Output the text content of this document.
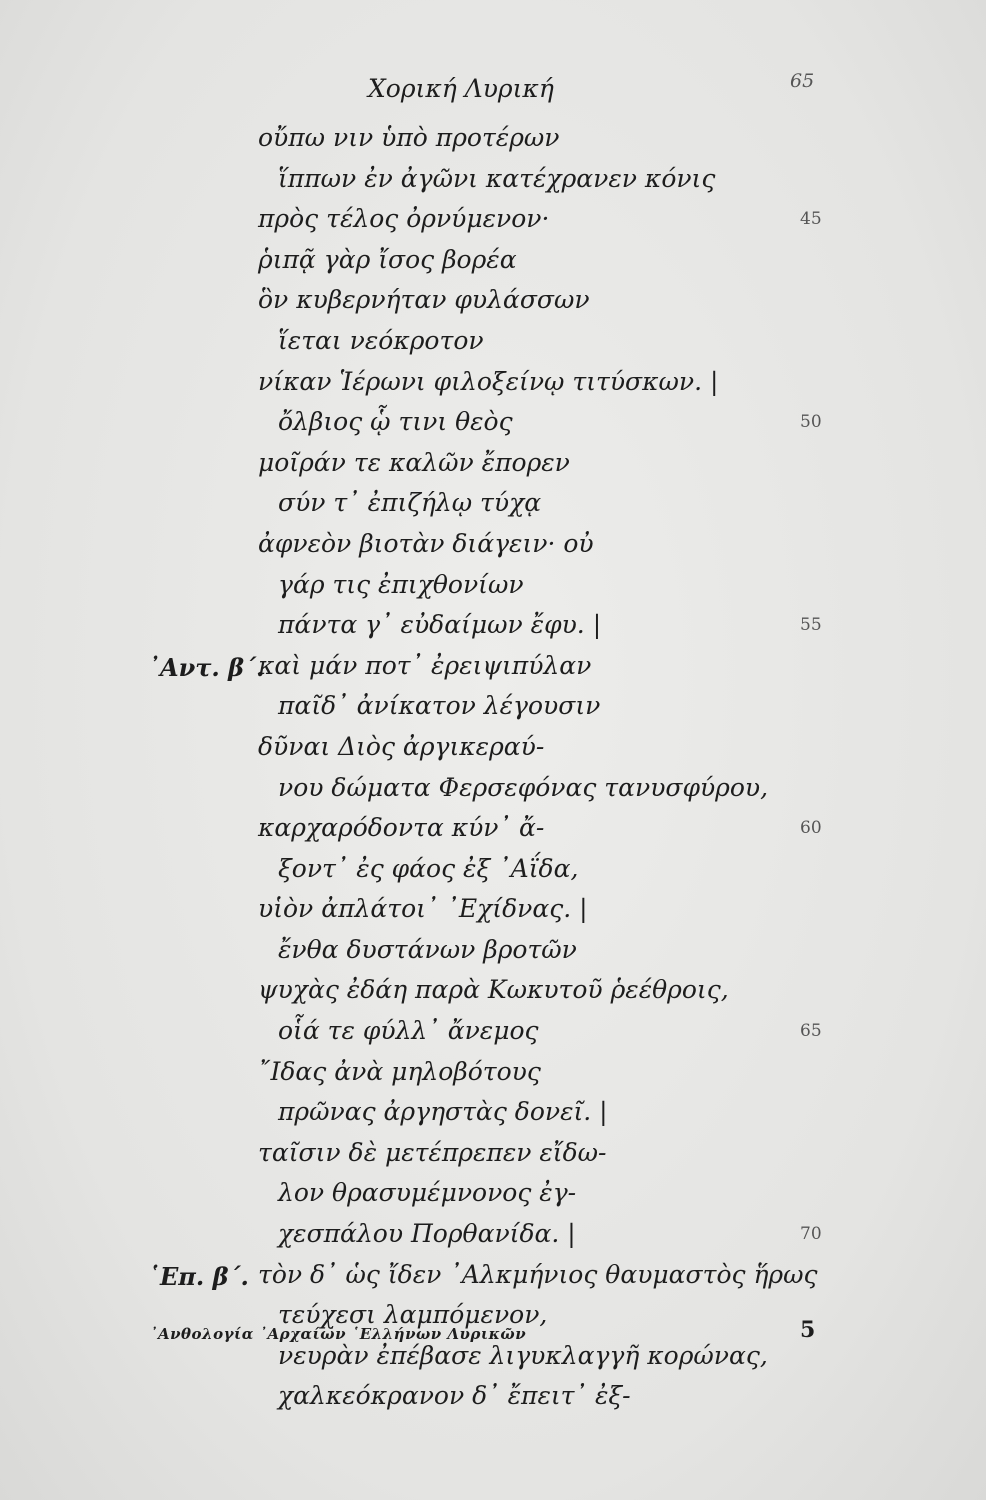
Χορική Λυρική	65
οὔπω νιν ὑπὸ προτέρων
ἵππων ἐν ἀγῶνι κατέχρανεν κόνις
πρὸς τέλος ὀρνύμενον·	45
ῥιπᾷ γὰρ ἴσος βορέα
ὃν κυβερνήταν φυλάσσων
ἵεται νεόκροτον
νίκαν Ἱέρωνι φιλοξείνῳ τιτύσκων. |
ὄλβιος ᾧ τινι θεὸς	50
μοῖράν τε καλῶν ἔπορεν
σύν τ᾽ ἐπιζήλῳ τύχᾳ
ἀφνεὸν βιοτὰν διάγειν· οὐ
γάρ τις ἐπιχθονίων
πάντα γ᾽ εὐδαίμων ἔφυ. |	55
᾽Αντ. β΄.
καὶ μάν ποτ᾽ ἐρειψιπύλαν
παῖδ᾽ ἀνίκατον λέγουσιν
δῦναι Διὸς ἀργικεραύ-
νου δώματα Φερσεφόνας τανυσφύρου,
καρχαρόδοντα κύν᾽ ἄ-	60
ξοντ᾽ ἐς φάος ἐξ ᾽Αΐδα,
υἱὸν ἀπλάτοι᾽ ᾽Εχίδνας. |
ἔνθα δυστάνων βροτῶν
ψυχὰς ἐδάη παρὰ Κωκυτοῦ ῥεέθροις,
οἷά τε φύλλ᾽ ἄνεμος	65
῎Ιδας ἀνὰ μηλοβότους
πρῶνας ἀργηστὰς δονεῖ. |
ταῖσιν δὲ μετέπρεπεν εἴδω-
λον θρασυμέμνονος ἐγ-
χεσπάλου Πορθανίδα. |	70
῾Επ. β΄. τὸν δ᾽ ὡς ἴδεν ᾽Αλκμήνιος θαυμαστὸς ἥρως
τεύχεσι λαμπόμενον,
νευρὰν ἐπέβασε λιγυκλαγγῆ κορώνας,
χαλκεόκρανον δ᾽ ἔπειτ᾽ ἐξ-
᾽Ανθολογία ᾽Αρχαίων ῾Ελλήνων Λυρικῶν	5
